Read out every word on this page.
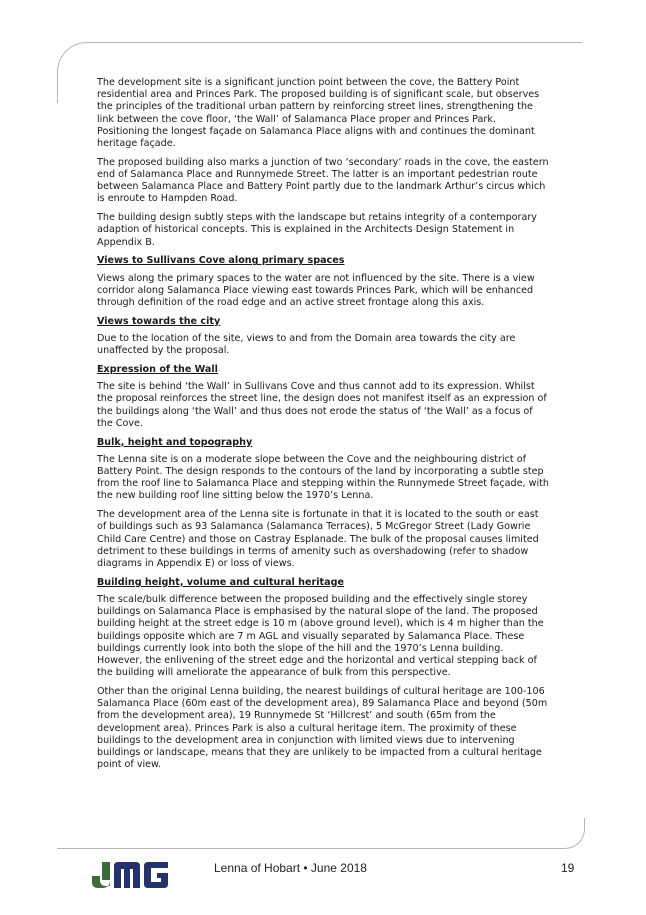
The development site is a significant junction point between the cove, the Battery Point residential area and Princes Park. The proposed building is of significant scale, but observes the principles of the traditional urban pattern by reinforcing street lines, strengthening the link between the cove floor, ‘the Wall’ of Salamanca Place proper and Princes Park. Positioning the longest façade on Salamanca Place aligns with and continues the dominant heritage façade.

The proposed building also marks a junction of two ‘secondary’ roads in the cove, the eastern end of Salamanca Place and Runnymede Street. The latter is an important pedestrian route between Salamanca Place and Battery Point partly due to the landmark Arthur’s circus which is enroute to Hampden Road.

The building design subtly steps with the landscape but retains integrity of a contemporary adaption of historical concepts. This is explained in the Architects Design Statement in Appendix B.

Views to Sullivans Cove along primary spaces

Views along the primary spaces to the water are not influenced by the site. There is a view corridor along Salamanca Place viewing east towards Princes Park, which will be enhanced through definition of the road edge and an active street frontage along this axis.

Views towards the city

Due to the location of the site, views to and from the Domain area towards the city are unaffected by the proposal.

Expression of the Wall

The site is behind ‘the Wall’ in Sullivans Cove and thus cannot add to its expression. Whilst the proposal reinforces the street line, the design does not manifest itself as an expression of the buildings along ‘the Wall’ and thus does not erode the status of ‘the Wall’ as a focus of the Cove.

Bulk, height and topography

The Lenna site is on a moderate slope between the Cove and the neighbouring district of Battery Point. The design responds to the contours of the land by incorporating a subtle step from the roof line to Salamanca Place and stepping within the Runnymede Street façade, with the new building roof line sitting below the 1970’s Lenna.

The development area of the Lenna site is fortunate in that it is located to the south or east of buildings such as 93 Salamanca (Salamanca Terraces), 5 McGregor Street (Lady Gowrie Child Care Centre) and those on Castray Esplanade. The bulk of the proposal causes limited detriment to these buildings in terms of amenity such as overshadowing (refer to shadow diagrams in Appendix E) or loss of views.

Building height, volume and cultural heritage

The scale/bulk difference between the proposed building and the effectively single storey buildings on Salamanca Place is emphasised by the natural slope of the land. The proposed building height at the street edge is 10 m (above ground level), which is 4 m higher than the buildings opposite which are 7 m AGL and visually separated by Salamanca Place. These buildings currently look into both the slope of the hill and the 1970’s Lenna building. However, the enlivening of the street edge and the horizontal and vertical stepping back of the building will ameliorate the appearance of bulk from this perspective.

Other than the original Lenna building, the nearest buildings of cultural heritage are 100-106 Salamanca Place (60m east of the development area), 89 Salamanca Place and beyond (50m from the development area), 19 Runnymede St ‘Hillcrest’ and south (65m from the development area). Princes Park is also a cultural heritage item. The proximity of these buildings to the development area in conjunction with limited views due to intervening buildings or landscape, means that they are unlikely to be impacted from a cultural heritage point of view.

Lenna of Hobart • June 2018	19
